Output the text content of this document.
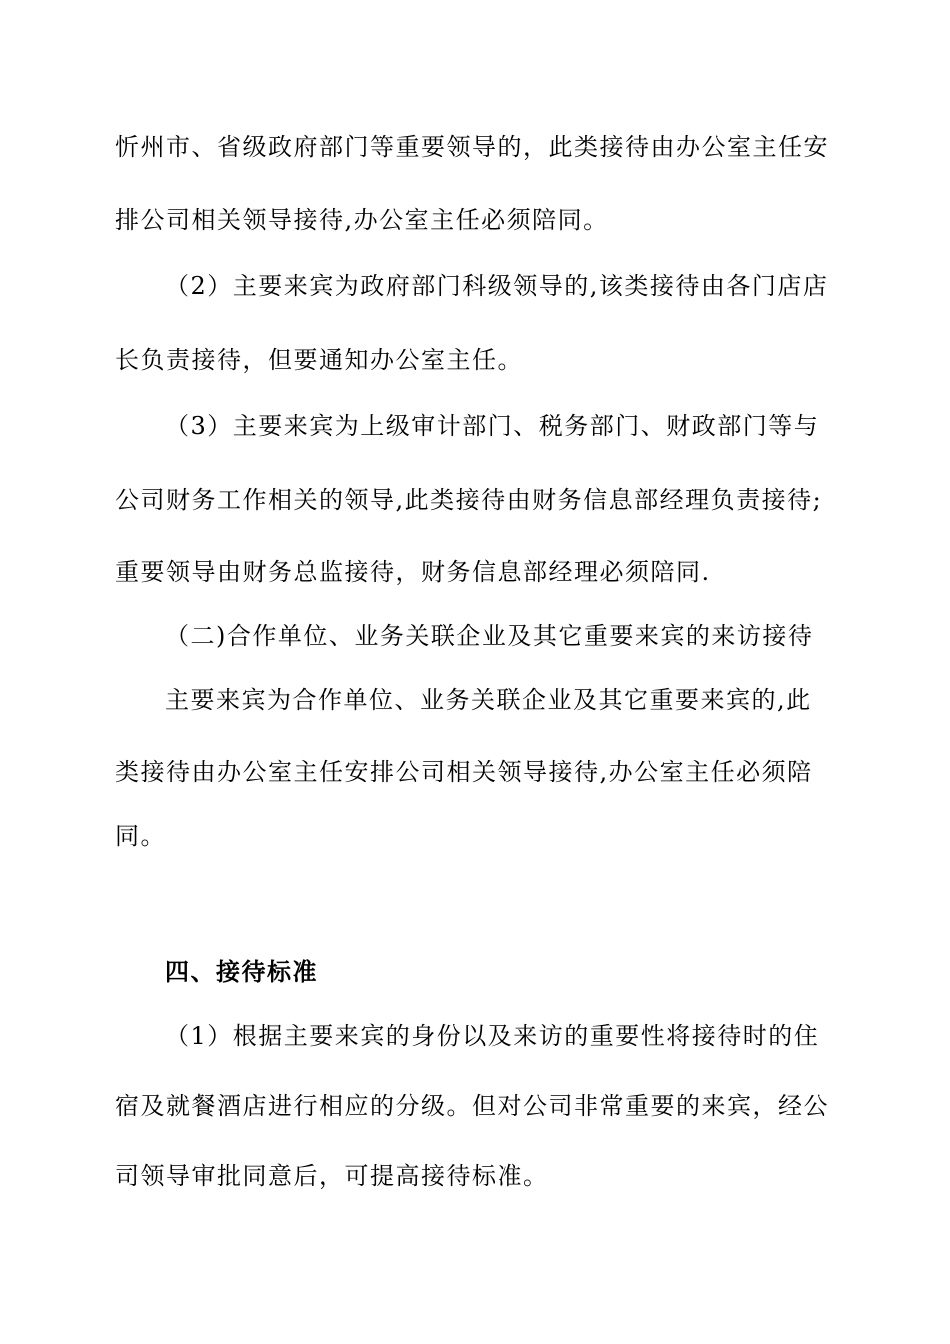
忻州市、省级政府部门等重要领导的，此类接待由办公室主任安
排公司相关领导接待,办公室主任必须陪同。
（2）主要来宾为政府部门科级领导的,该类接待由各门店店
长负责接待，但要通知办公室主任。
（3）主要来宾为上级审计部门、税务部门、财政部门等与
公司财务工作相关的领导,此类接待由财务信息部经理负责接待;
重要领导由财务总监接待，财务信息部经理必须陪同.
（二)合作单位、业务关联企业及其它重要来宾的来访接待
主要来宾为合作单位、业务关联企业及其它重要来宾的,此
类接待由办公室主任安排公司相关领导接待,办公室主任必须陪
同。
四、接待标准
（1）根据主要来宾的身份以及来访的重要性将接待时的住
宿及就餐酒店进行相应的分级。但对公司非常重要的来宾，经公
司领导审批同意后，可提高接待标准。
